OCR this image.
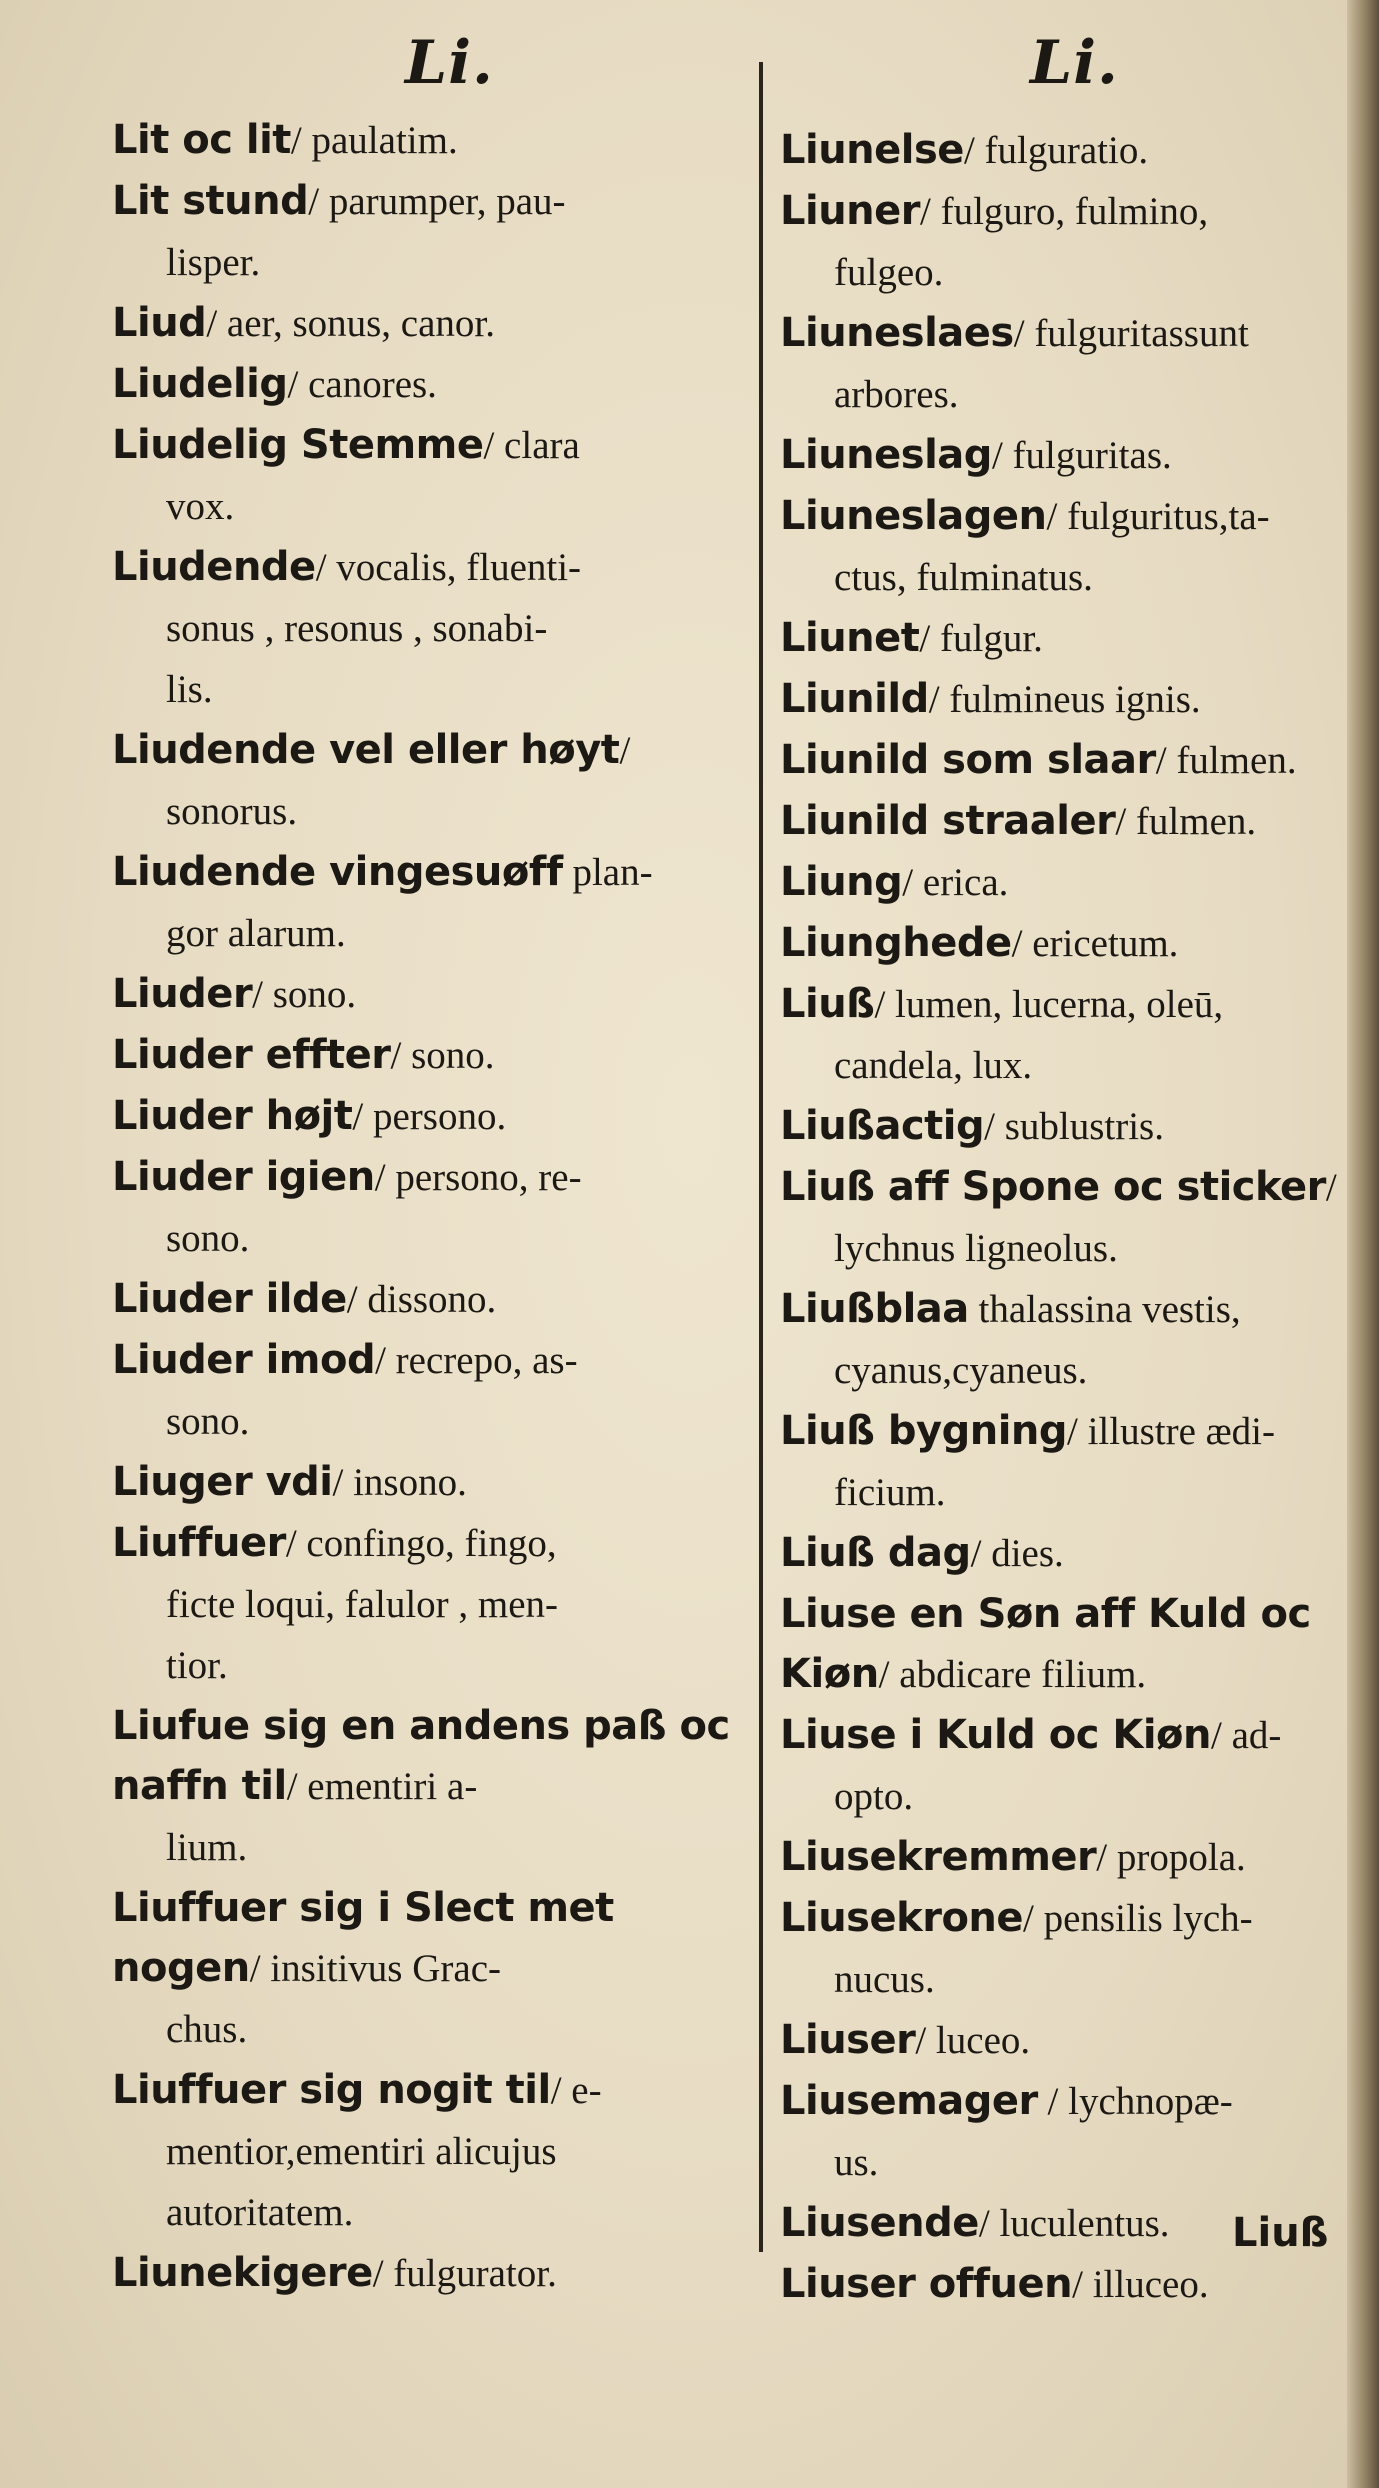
Li.	Li.

Lit oc lit/ paulatim.

Lit stund/ parumper, pau-

lisper.

Liud/ aer, sonus, canor.

Liudelig/ canores.

Liudelig Stemme/ clara

vox.

Liudende/ vocalis, fluenti-

sonus , resonus , sonabi-

lis.

Liudende vel eller høyt/

sonorus.

Liudende vingesuøff plan-

gor alarum.

Liuder/ sono.

Liuder effter/ sono.

Liuder højt/ persono.

Liuder igien/ persono, re-

sono.

Liuder ilde/ dissono.

Liuder imod/ recrepo, as-

sono.

Liuger vdi/ insono.

Liuffuer/ confingo, fingo,

ficte loqui, falulor , men-

tior.

Liufue sig en andens paß oc naffn til/ ementiri a-

lium.

Liuffuer sig i Slect met nogen/ insitivus Grac-

chus.

Liuffuer sig nogit til/ e-

mentior,ementiri alicujus

autoritatem.

Liunekigere/ fulgurator.

Liunelse/ fulguratio.

Liuner/ fulguro, fulmino,

fulgeo.

Liuneslaes/ fulguritassunt

arbores.

Liuneslag/ fulguritas.

Liuneslagen/ fulguritus,ta-

ctus, fulminatus.

Liunet/ fulgur.

Liunild/ fulmineus ignis.

Liunild som slaar/ fulmen.

Liunild straaler/ fulmen.

Liung/ erica.

Liunghede/ ericetum.

Liuß/ lumen, lucerna, oleū,

candela, lux.

Liußactig/ sublustris.

Liuß aff Spone oc sticker/

lychnus ligneolus.

Liußblaa thalassina vestis,

cyanus,cyaneus.

Liuß bygning/ illustre ædi-

ficium.

Liuß dag/ dies.

Liuse en Søn aff Kuld oc Kiøn/ abdicare filium.

Liuse i Kuld oc Kiøn/ ad-

opto.

Liusekremmer/ propola.

Liusekrone/ pensilis lych-

nucus.

Liuser/ luceo.

Liusemager / lychnopæ-

us.

Liusende/ luculentus.

Liuser offuen/ illuceo.

Liuß
